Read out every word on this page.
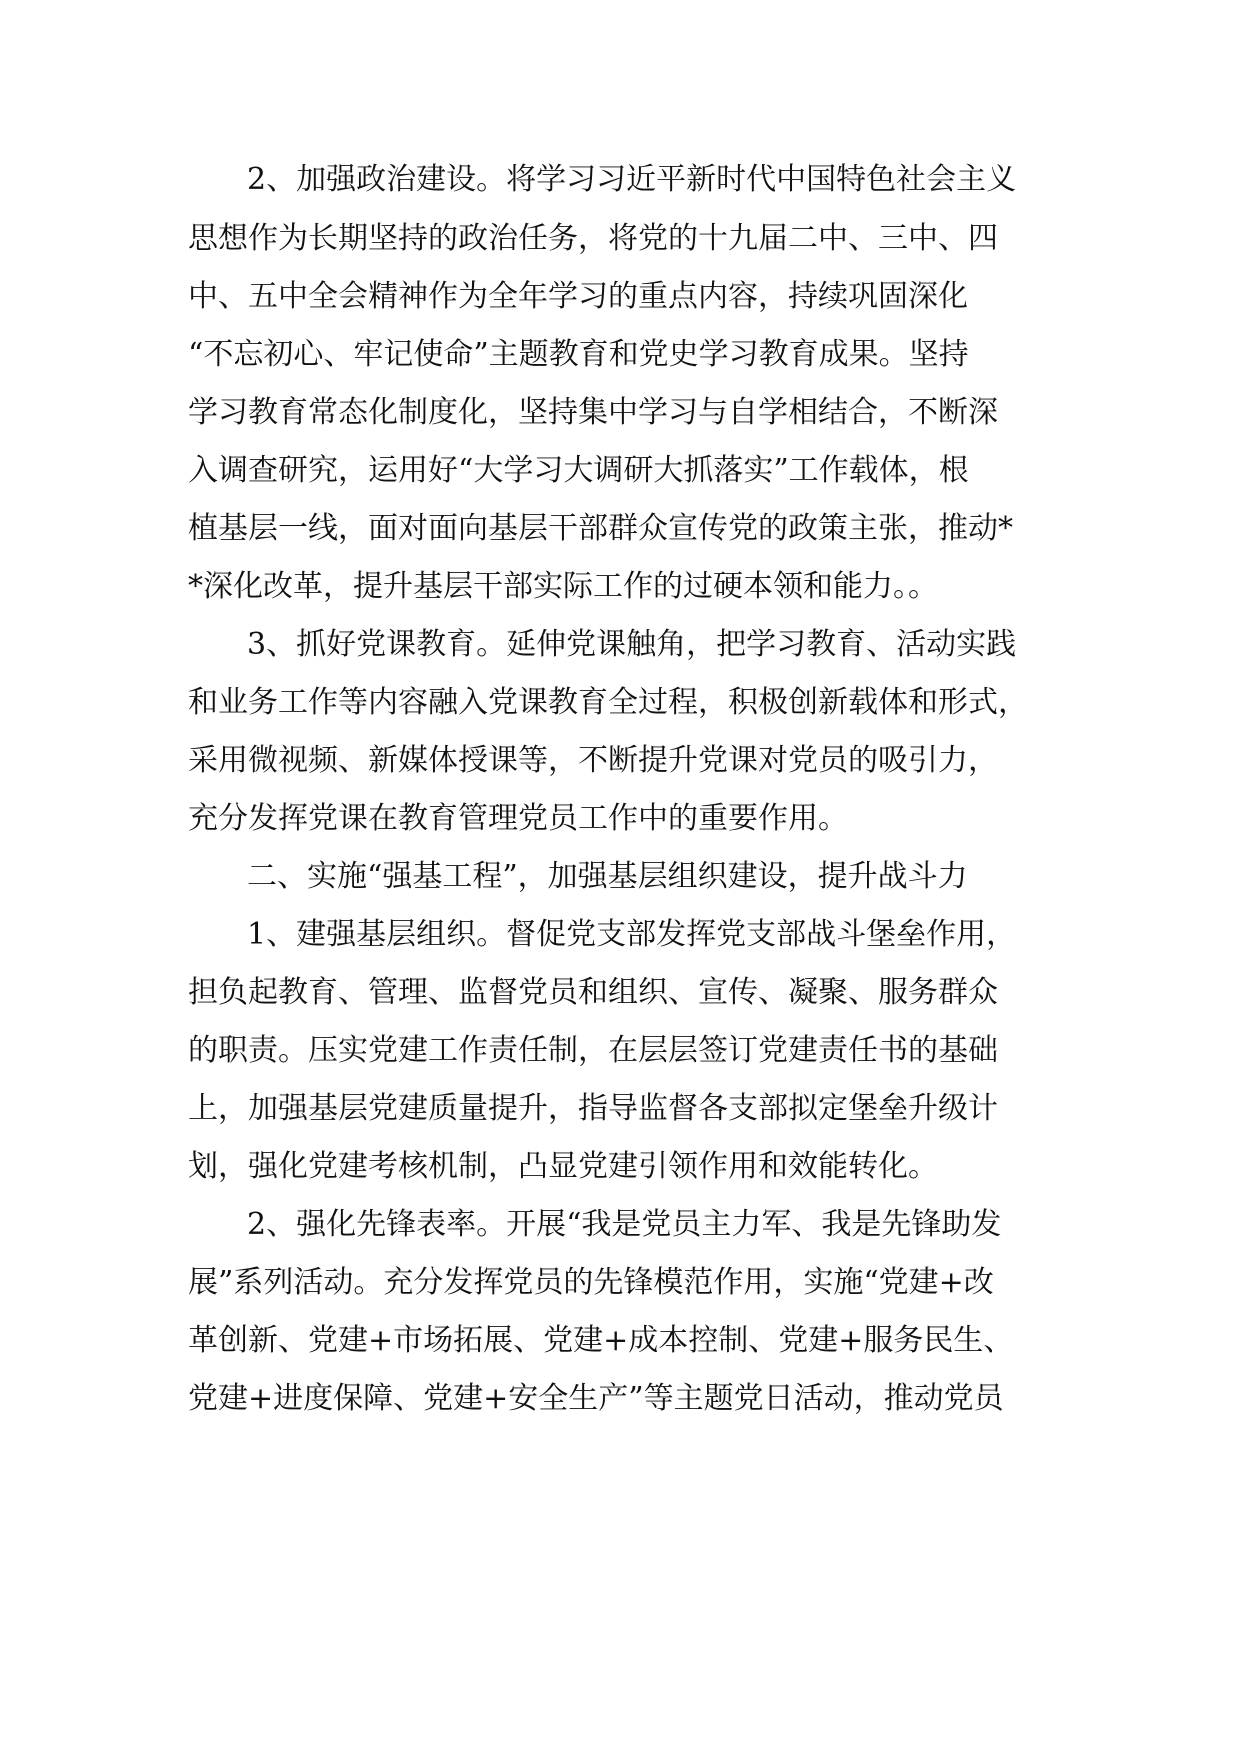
2、加强政治建设。将学习习近平新时代中国特色社会主义
思想作为长期坚持的政治任务，将党的十九届二中、三中、四
中、五中全会精神作为全年学习的重点内容，持续巩固深化
“不忘初心、牢记使命”主题教育和党史学习教育成果。坚持
学习教育常态化制度化，坚持集中学习与自学相结合，不断深
入调查研究，运用好“大学习大调研大抓落实”工作载体，根
植基层一线，面对面向基层干部群众宣传党的政策主张，推动*
*深化改革，提升基层干部实际工作的过硬本领和能力。。
3、抓好党课教育。延伸党课触角，把学习教育、活动实践
和业务工作等内容融入党课教育全过程，积极创新载体和形式，
采用微视频、新媒体授课等，不断提升党课对党员的吸引力，
充分发挥党课在教育管理党员工作中的重要作用。
二、实施“强基工程”，加强基层组织建设，提升战斗力
1、建强基层组织。督促党支部发挥党支部战斗堡垒作用，
担负起教育、管理、监督党员和组织、宣传、凝聚、服务群众
的职责。压实党建工作责任制，在层层签订党建责任书的基础
上，加强基层党建质量提升，指导监督各支部拟定堡垒升级计
划，强化党建考核机制，凸显党建引领作用和效能转化。
2、强化先锋表率。开展“我是党员主力军、我是先锋助发
展”系列活动。充分发挥党员的先锋模范作用，实施“党建+改
革创新、党建+市场拓展、党建+成本控制、党建+服务民生、
党建+进度保障、党建+安全生产”等主题党日活动，推动党员
